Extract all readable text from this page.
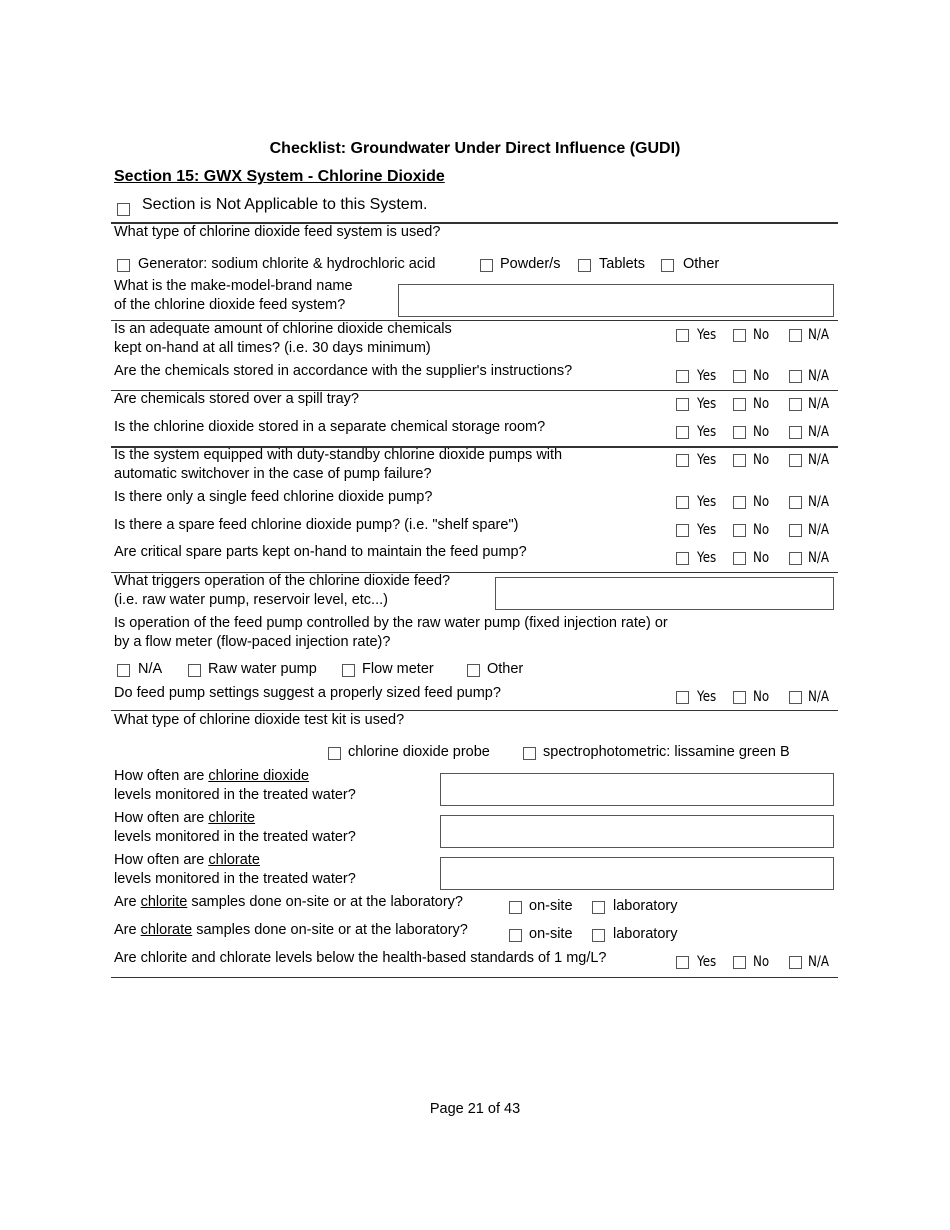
Checklist: Groundwater Under Direct Influence (GUDI)
Section 15: GWX System - Chlorine Dioxide
Section is Not Applicable to this System.
What type of chlorine dioxide feed system is used?
Generator: sodium chlorite & hydrochloric acid	Powder/s	Tablets	Other
What is the make-model-brand name
of the chlorine dioxide feed system?
Is an adequate amount of chlorine dioxide chemicals
kept on-hand at all times? (i.e. 30 days minimum)
Yes	No	N/A
Are the chemicals stored in accordance with the supplier's instructions?	Yes	No	N/A
Are chemicals stored over a spill tray?	Yes	No	N/A
Is the chlorine dioxide stored in a separate chemical storage room?	Yes	No	N/A
Is the system equipped with duty-standby chlorine dioxide pumps with
automatic switchover in the case of pump failure?
Yes	No	N/A
Is there only a single feed chlorine dioxide pump?	Yes	No	N/A
Is there a spare feed chlorine dioxide pump? (i.e. "shelf spare")	Yes	No	N/A
Are critical spare parts kept on-hand to maintain the feed pump?	Yes	No	N/A
What triggers operation of the chlorine dioxide feed?
(i.e. raw water pump, reservoir level, etc...)
Is operation of the feed pump controlled by the raw water pump (fixed injection rate) or
by a flow meter (flow-paced injection rate)?
N/A	Raw water pump	Flow meter	Other
Do feed pump settings suggest a properly sized feed pump?	Yes	No	N/A
What type of chlorine dioxide test kit is used?
chlorine dioxide probe	spectrophotometric: lissamine green B
How often are chlorine dioxide
levels monitored in the treated water?
How often are chlorite
levels monitored in the treated water?
How often are chlorate
levels monitored in the treated water?
Are chlorite samples done on-site or at the laboratory?	on-site	laboratory
Are chlorate samples done on-site or at the laboratory?	on-site	laboratory
Are chlorite and chlorate levels below the health-based standards of 1 mg/L?	Yes	No	N/A
Page 21 of 43
